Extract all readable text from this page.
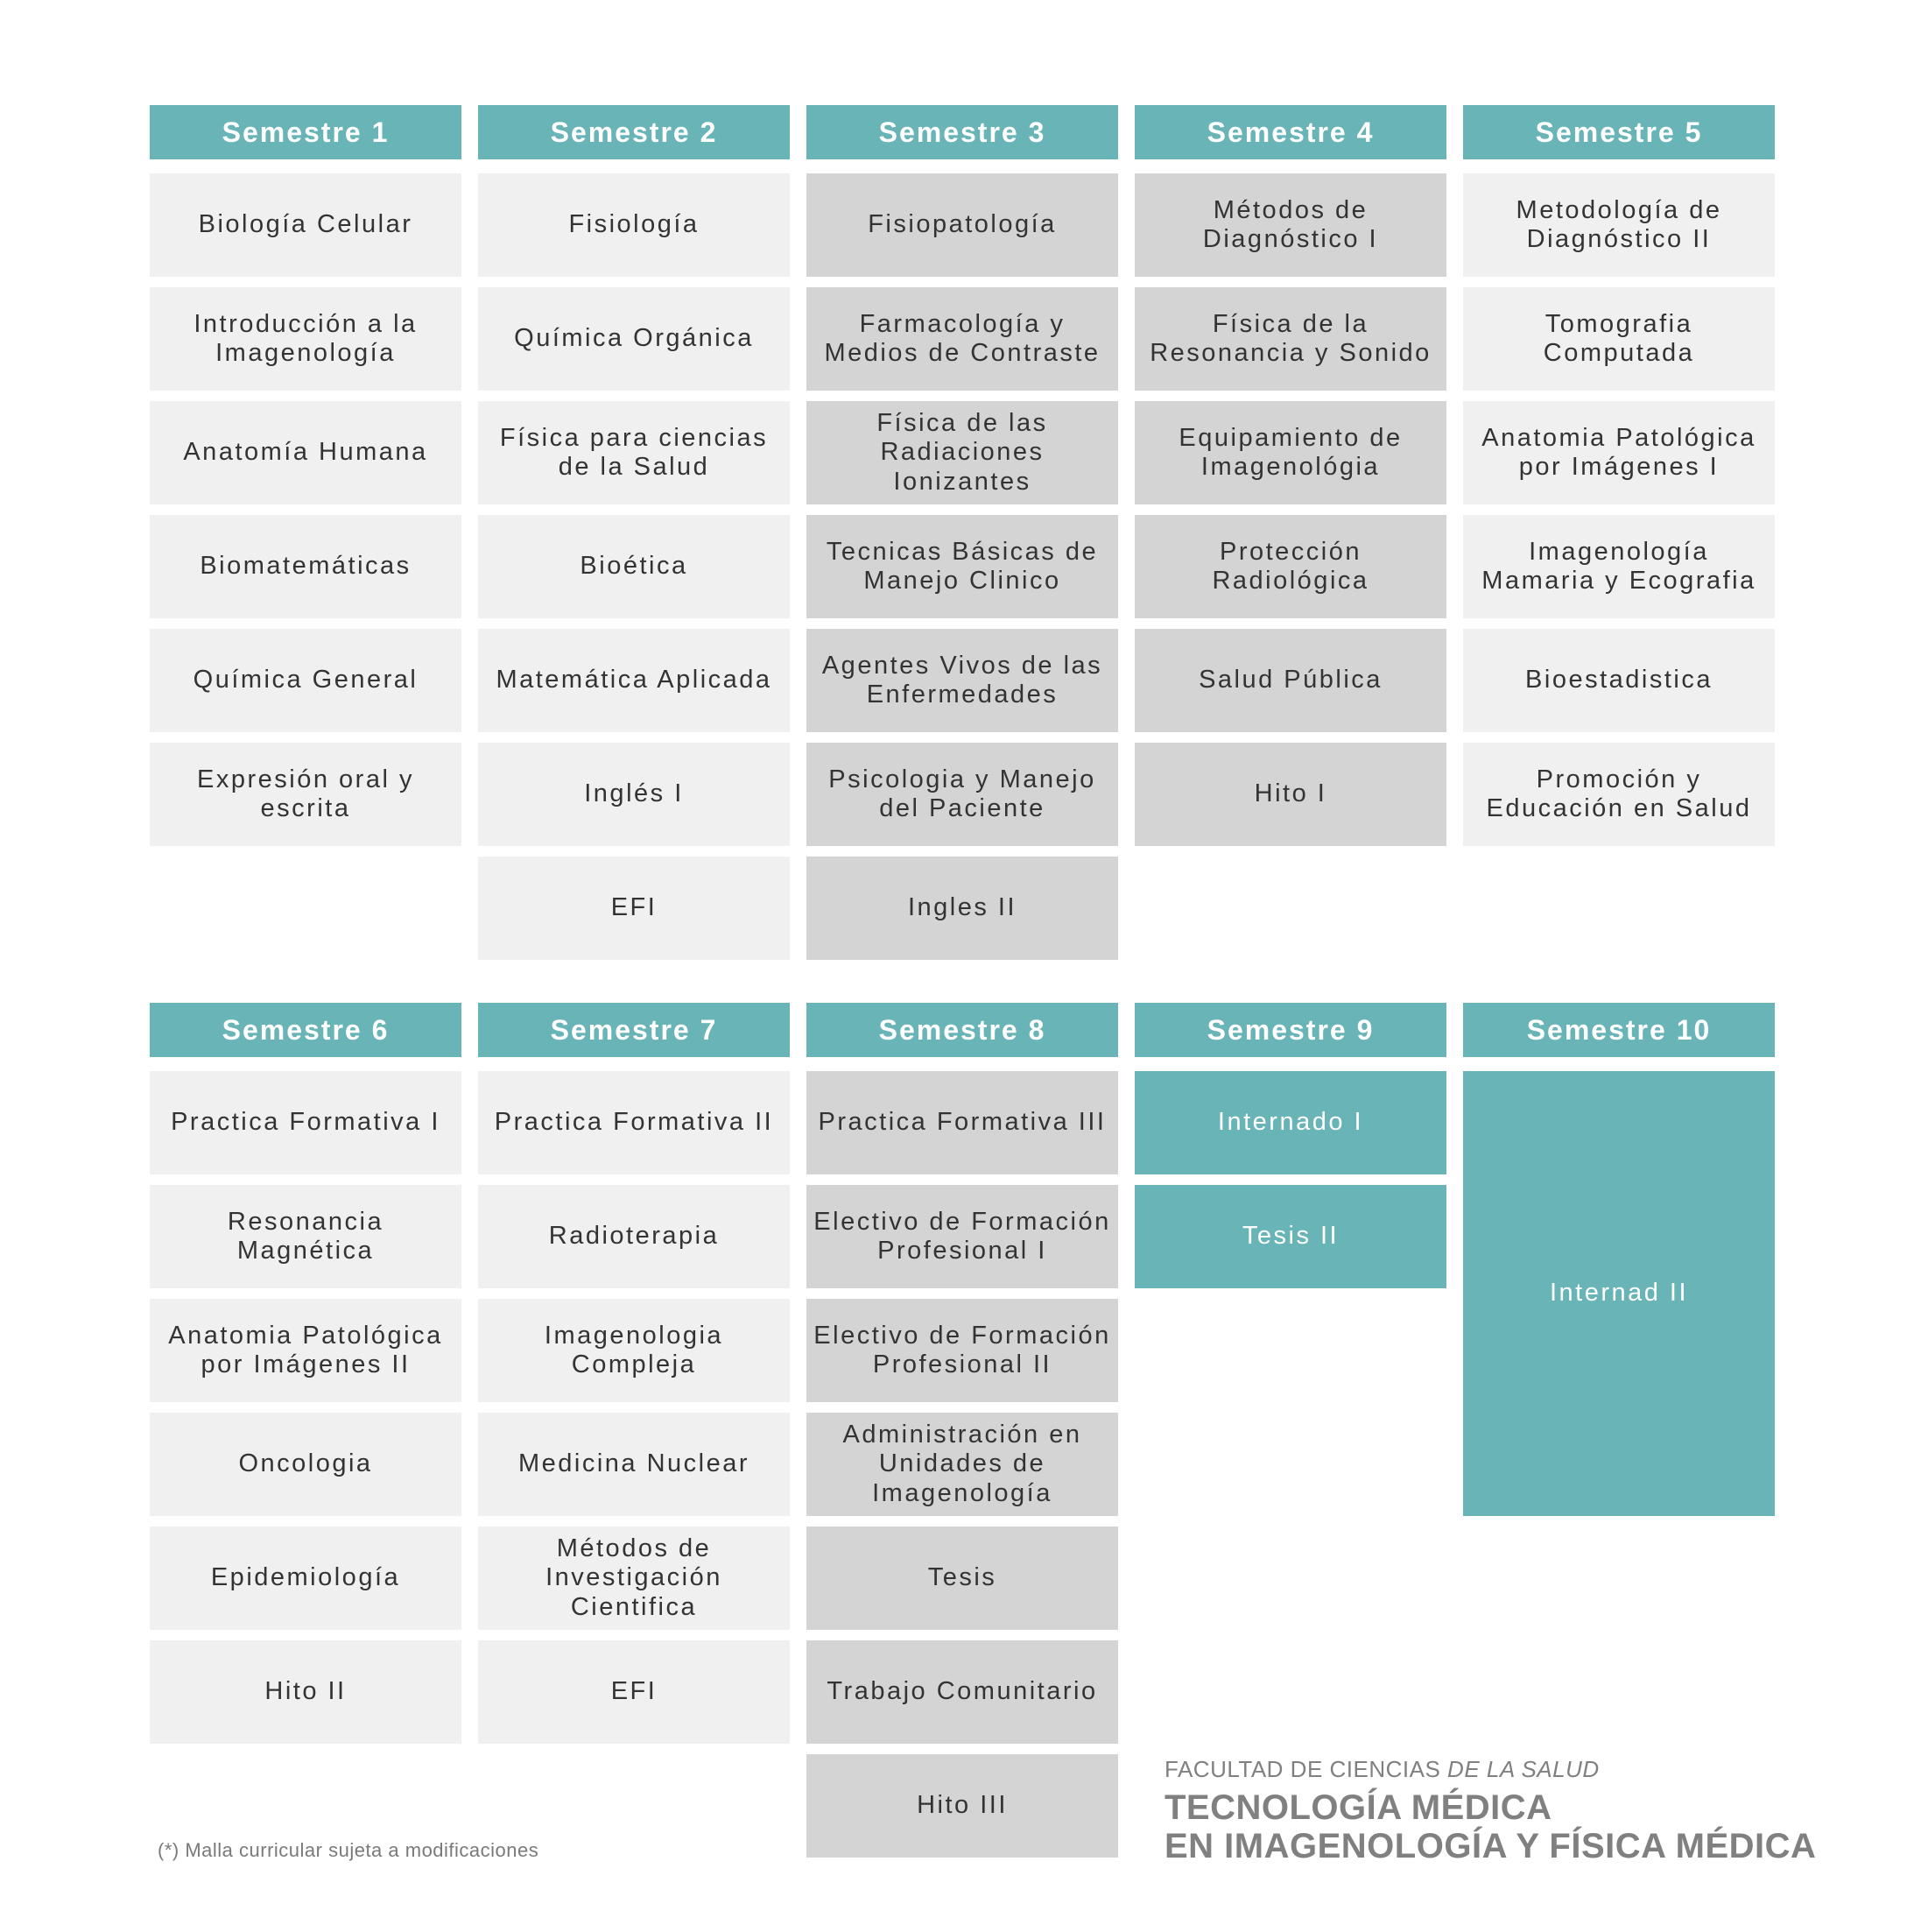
Semestre 1
Biología Celular
Introducción a la Imagenología
Anatomía Humana
Biomatemáticas
Química General
Expresión oral y escrita
Semestre 2
Fisiología
Química Orgánica
Física para ciencias de la Salud
Bioética
Matemática Aplicada
Inglés I
EFI
Semestre 3
Fisiopatología
Farmacología y Medios de Contraste
Física de las Radiaciones Ionizantes
Tecnicas Básicas de Manejo Clinico
Agentes Vivos de las Enfermedades
Psicologia y Manejo del Paciente
Ingles II
Semestre 4
Métodos de Diagnóstico I
Física de la Resonancia y Sonido
Equipamiento de Imagenológia
Protección Radiológica
Salud Pública
Hito I
Semestre 5
Metodología de Diagnóstico II
Tomografia Computada
Anatomia Patológica por Imágenes I
Imagenología Mamaria y Ecografia
Bioestadistica
Promoción y Educación en Salud
Semestre 6
Practica Formativa I
Resonancia Magnética
Anatomia Patológica por Imágenes II
Oncologia
Epidemiología
Hito II
Semestre 7
Practica Formativa II
Radioterapia
Imagenologia Compleja
Medicina Nuclear
Métodos de Investigación Cientifica
EFI
Semestre 8
Practica Formativa III
Electivo de Formación Profesional I
Electivo de Formación Profesional II
Administración en Unidades de Imagenología
Tesis
Trabajo Comunitario
Hito III
Semestre 9
Internado I
Tesis II
Semestre 10
Internad II
(*) Malla curricular sujeta a modificaciones
FACULTAD DE CIENCIAS DE LA SALUD
TECNOLOGÍA MÉDICA
EN IMAGENOLOGÍA Y FÍSICA MÉDICA
